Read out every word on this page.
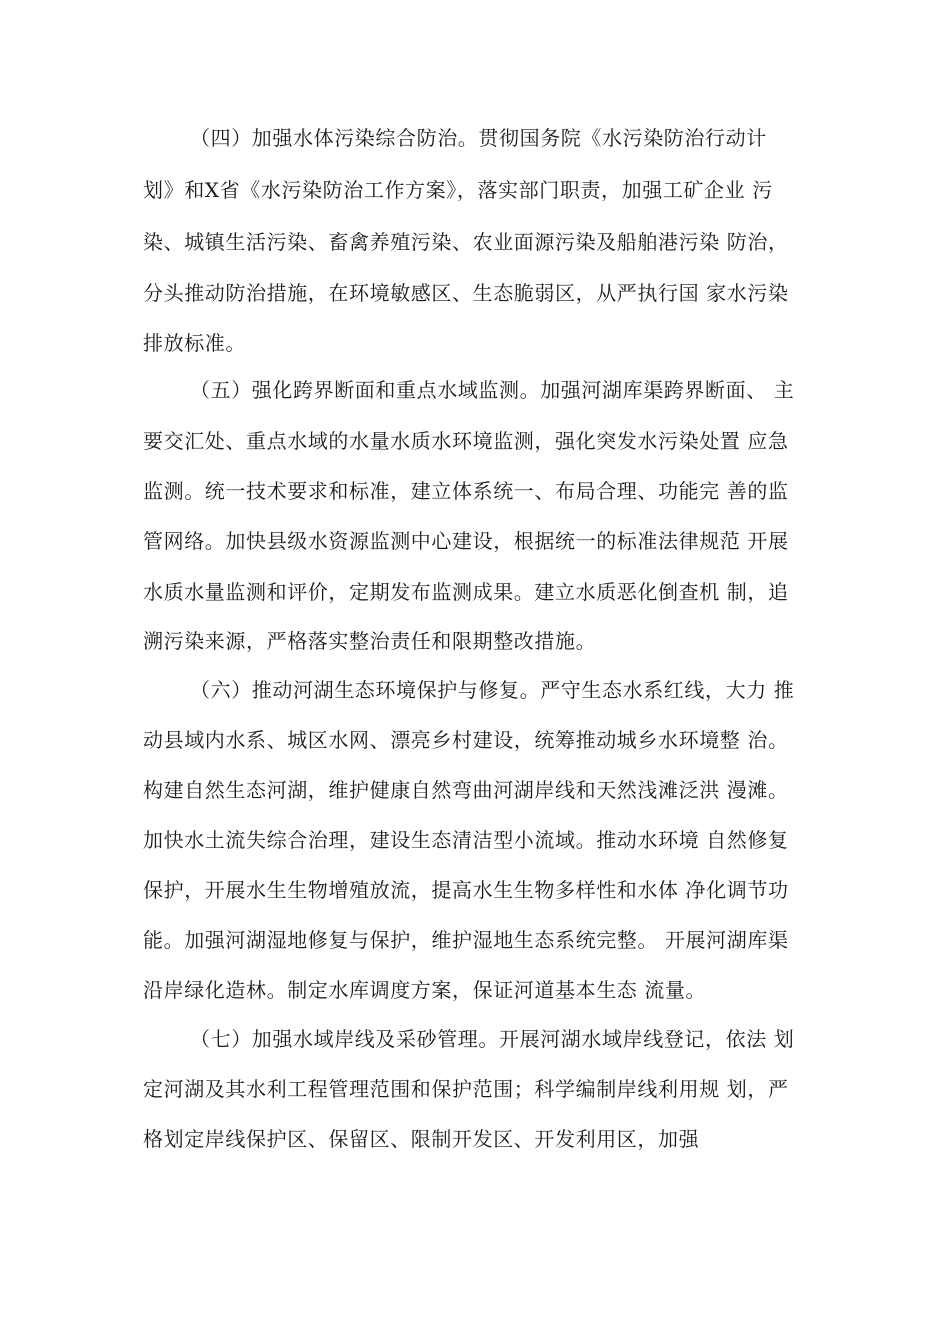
（四）加强水体污染综合防治。贯彻国务院《水污染防治行动计
划》和X省《水污染防治工作方案》，落实部门职责，加强工矿企业 污
染、城镇生活污染、畜禽养殖污染、农业面源污染及船舶港污染 防治，
分头推动防治措施，在环境敏感区、生态脆弱区，从严执行国 家水污染
排放标准。
（五）强化跨界断面和重点水域监测。加强河湖库渠跨界断面、 主
要交汇处、重点水域的水量水质水环境监测，强化突发水污染处置 应急
监测。统一技术要求和标准，建立体系统一、布局合理、功能完 善的监
管网络。加快县级水资源监测中心建设，根据统一的标准法律规范 开展
水质水量监测和评价，定期发布监测成果。建立水质恶化倒查机 制，追
溯污染来源，严格落实整治责任和限期整改措施。
（六）推动河湖生态环境保护与修复。严守生态水系红线，大力 推
动县域内水系、城区水网、漂亮乡村建设，统筹推动城乡水环境整 治。
构建自然生态河湖，维护健康自然弯曲河湖岸线和天然浅滩泛洪 漫滩。
加快水土流失综合治理，建设生态清洁型小流域。推动水环境 自然修复
保护，开展水生生物增殖放流，提高水生生物多样性和水体 净化调节功
能。加强河湖湿地修复与保护，维护湿地生态系统完整。 开展河湖库渠
沿岸绿化造林。制定水库调度方案，保证河道基本生态 流量。
（七）加强水域岸线及采砂管理。开展河湖水域岸线登记，依法 划
定河湖及其水利工程管理范围和保护范围；科学编制岸线利用规 划，严
格划定岸线保护区、保留区、限制开发区、开发利用区，加强
